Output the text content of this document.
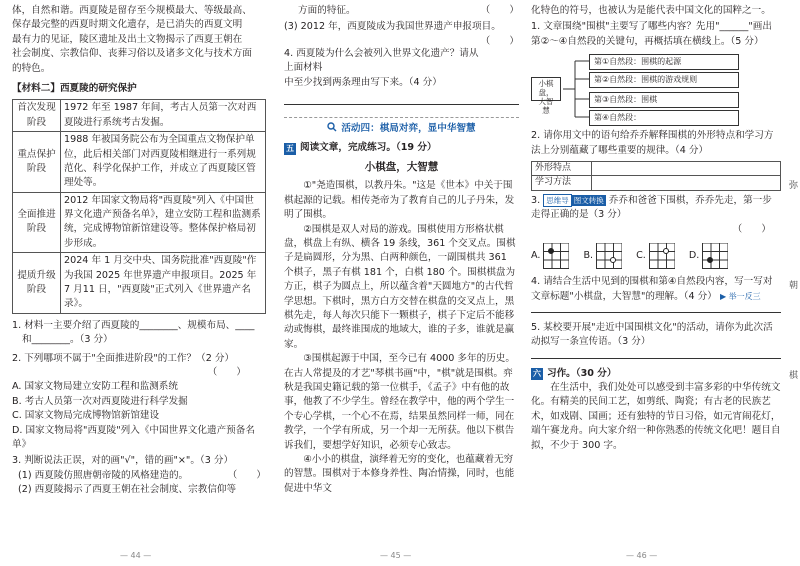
体，自然和谐。西夏陵是留存至今规模最大、等级最高、

保存最完整的西夏时期文化遗存，是已消失的西夏文明

最有力的见证，陵区遗址及出土文物揭示了西夏王朝在

社会制度、宗教信仰、丧葬习俗以及诸多文化与技术方面

的特色。

【材料二】西夏陵的研究保护

首次发现阶段	1972 年至 1987 年间，考古人员第一次对西夏陵进行系统考古发掘。
重点保护阶段	1988 年被国务院公布为全国重点文物保护单位，此后相关部门对西夏陵相继进行一系列规范化、科学化保护工作，并成立了西夏陵区管理处等。
全面推进阶段	2012 年国家文物局将"西夏陵"列入《中国世界文化遗产预备名单》，建立安防工程和监测系统，完成博物馆新馆建设等。整体保护格局初步形成。
提质升级阶段	2024 年 1 月交中央、国务院批准"西夏陵"作为我国 2025 年世界遗产申报项目。2025 年 7 月11 日，"西夏陵"正式列入《世界遗产名录》。

1. 材料一主要介绍了西夏陵的________、规模布局、____

和________。（3 分）

2. 下列哪项不属于"全面推进阶段"的工作？（2 分）

（　　）

A. 国家文物局建立安防工程和监测系统

B. 考古人员第一次对西夏陵进行科学发掘

C. 国家文物局完成博物馆新馆建设

D. 国家文物局将"西夏陵"列入《中国世界文化遗产预备名单》

3. 判断说法正误，对的画"√"，错的画"×"。（3 分）

(1) 西夏陵仿照唐朝帝陵的风格建造的。	（　　）

(2) 西夏陵揭示了西夏王朝在社会制度、宗教信仰等

— 44 —

方面的特征。	（　　）

(3) 2012 年，西夏陵成为我国世界遗产申报项目。
（　　）

4. 西夏陵为什么会被列入世界文化遗产？请从上面材料

中至少找到两条理由写下来。（4 分）

活动四：棋局对弈，显中华智慧
五 阅读文章，完成练习。（19 分）

小棋盘，大智慧

①"尧造围棋，以教丹朱。"这是《世本》中关于围棋起源的记载。相传尧帝为了教育自己的儿子丹朱，发明了围棋。

②围棋是双人对局的游戏。围棋使用方形格状棋盘，棋盘上有纵、横各 19 条线，361 个交叉点。围棋子是扁圆形，分为黑、白两种颜色，一副围棋共 361 个棋子，黑子有棋 181 个，白棋 180 个。围棋棋盘为方正，棋子为圆点上，所以蕴含着"天圆地方"的古代哲学思想。下棋时，黑方白方交替在棋盘的交叉点上，黑棋先走，每人每次只能下一颗棋子，棋子下定后不能移动或悔棋，最终谁围成的地域大，谁的子多，谁就是赢家。

③围棋起源于中国，至今已有 4000 多年的历史。在古人常提及的才艺"琴棋书画"中，"棋"就是围棋。弈秋是我国史籍记载的第一位棋手，《孟子》中有他的故事，他教了不少学生。曾经在教学中，他的两个学生一个专心学棋，一个心不在焉，结果虽然同样一师，同在教学，一个学有所成，另一个却一无所获。他以下棋告诉我们，要想学好知识，必须专心致志。

④小小的棋盘，演绎着无穷的变化，也蕴藏着无穷的智慧。围棋对于本修身养性、陶冶情操，同时，也能促进中华文

— 45 —

化特色的符号，也被认为是能代表中国文化的国粹之一。

1. 文章围绕"围棋"主要写了哪些内容？先用"______"画出第②～④自然段的关键句，再概括填在横线上。（5 分）

小棋盘，大智慧
第①自然段：围棋的起源
第②自然段：围棋的游戏规则
第③自然段：围棋
第④自然段：

2. 请你用文中的语句给乔乔解释围棋的外形特点和学习方法上分别蕴藏了哪些重要的规律。（4 分）

外形特点	
学习方法	

3. 思维导 图文转换 乔乔和爸爸下围棋，乔乔先走，第一步走得正确的是（3 分）

（　　）

A.	B.	C.	D.

4. 请结合生活中见到的围棋和第④自然段内容，写一写对文章标题"小棋盘，大智慧"的理解。（4 分） ▶ 举一反三

5. 某校要开展"走近中国围棋文化"的活动，请你为此次活动拟写一条宣传语。（3 分）

六 习作。（30 分）

在生活中，我们处处可以感受到丰富多彩的中华传统文化。有精美的民间工艺，如剪纸、陶瓷；有古老的民族艺术，如戏剧、国画；还有独特的节日习俗，如元宵闹花灯，端午赛龙舟。向大家介绍一种你熟悉的传统文化吧！题目自拟，不少于 300 字。

弥
朝
棋
— 46 —
